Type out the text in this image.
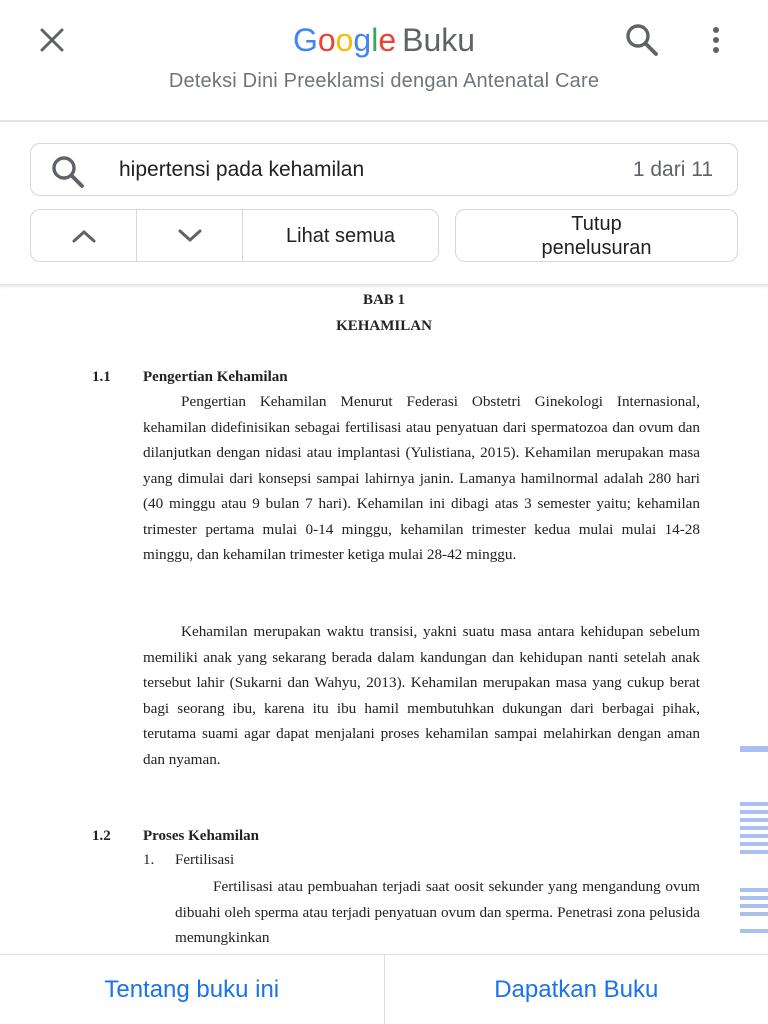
Google Buku
Deteksi Dini Preeklamsi dengan Antenatal Care
hipertensi pada kehamilan	1 dari 11
Lihat semua
Tutup penelusuran
BAB 1
KEHAMILAN
1.1 Pengertian Kehamilan
Pengertian Kehamilan Menurut Federasi Obstetri Ginekologi Internasional, kehamilan didefinisikan sebagai fertilisasi atau penyatuan dari spermatozoa dan ovum dan dilanjutkan dengan nidasi atau implantasi (Yulistiana, 2015). Kehamilan merupakan masa yang dimulai dari konsepsi sampai lahirnya janin. Lamanya hamilnormal adalah 280 hari (40 minggu atau 9 bulan 7 hari). Kehamilan ini dibagi atas 3 semester yaitu; kehamilan trimester pertama mulai 0-14 minggu, kehamilan trimester kedua mulai mulai 14-28 minggu, dan kehamilan trimester ketiga mulai 28-42 minggu.
Kehamilan merupakan waktu transisi, yakni suatu masa antara kehidupan sebelum memiliki anak yang sekarang berada dalam kandungan dan kehidupan nanti setelah anak tersebut lahir (Sukarni dan Wahyu, 2013). Kehamilan merupakan masa yang cukup berat bagi seorang ibu, karena itu ibu hamil membutuhkan dukungan dari berbagai pihak, terutama suami agar dapat menjalani proses kehamilan sampai melahirkan dengan aman dan nyaman.
1.2 Proses Kehamilan
1. Fertilisasi
Fertilisasi atau pembuahan terjadi saat oosit sekunder yang mengandung ovum dibuahi oleh sperma atau terjadi penyatuan ovum dan sperma. Penetrasi zona pelusida memungkinkan
Tentang buku ini	Dapatkan Buku
